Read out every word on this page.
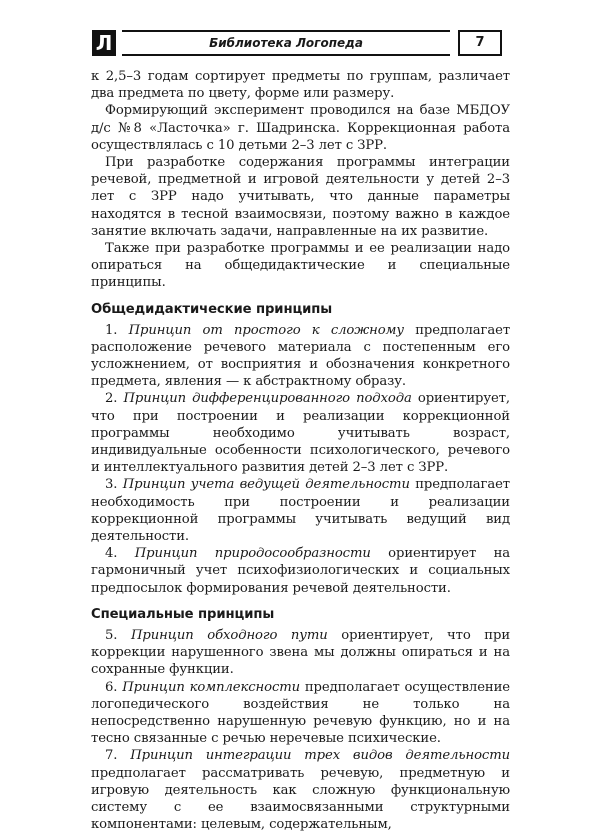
Л	Библиотека Логопеда	7

к 2,5–3 годам сортирует предметы по группам, различает два предмета по цвету, форме или размеру.

Формирующий эксперимент проводился на базе МБДОУ д/с №8 «Ласточка» г. Шадринска. Коррекционная работа осуществлялась с 10 детьми 2–3 лет с ЗРР.

При разработке содержания программы интеграции речевой, предметной и игровой деятельности у детей 2–3 лет с ЗРР надо учитывать, что данные параметры находятся в тесной взаимосвязи, поэтому важно в каждое занятие включать задачи, направленные на их развитие.

Также при разработке программы и ее реализации надо опираться на общедидактические и специальные принципы.

Общедидактические принципы

1. Принцип от простого к сложному предполагает расположение речевого материала с постепенным его усложнением, от восприятия и обозначения конкретного предмета, явления — к абстрактному образу.

2. Принцип дифференцированного подхода ориентирует, что при построении и реализации коррекционной программы необходимо учитывать возраст, индивидуальные особенности психологического, речевого и интеллектуального развития детей 2–3 лет с ЗРР.

3. Принцип учета ведущей деятельности предполагает необходимость при построении и реализации коррекционной программы учитывать ведущий вид деятельности.

4. Принцип природосообразности ориентирует на гармоничный учет психофизиологических и социальных предпосылок формирования речевой деятельности.

Специальные принципы

5. Принцип обходного пути ориентирует, что при коррекции нарушенного звена мы должны опираться и на сохранные функции.

6. Принцип комплексности предполагает осуществление логопедического воздействия не только на непосредственно нарушенную речевую функцию, но и на тесно связанные с речью неречевые психические.

7. Принцип интеграции трех видов деятельности предполагает рассматривать речевую, предметную и игровую деятельность как сложную функциональную систему с ее взаимосвязанными структурными компонентами: целевым, содержательным,
